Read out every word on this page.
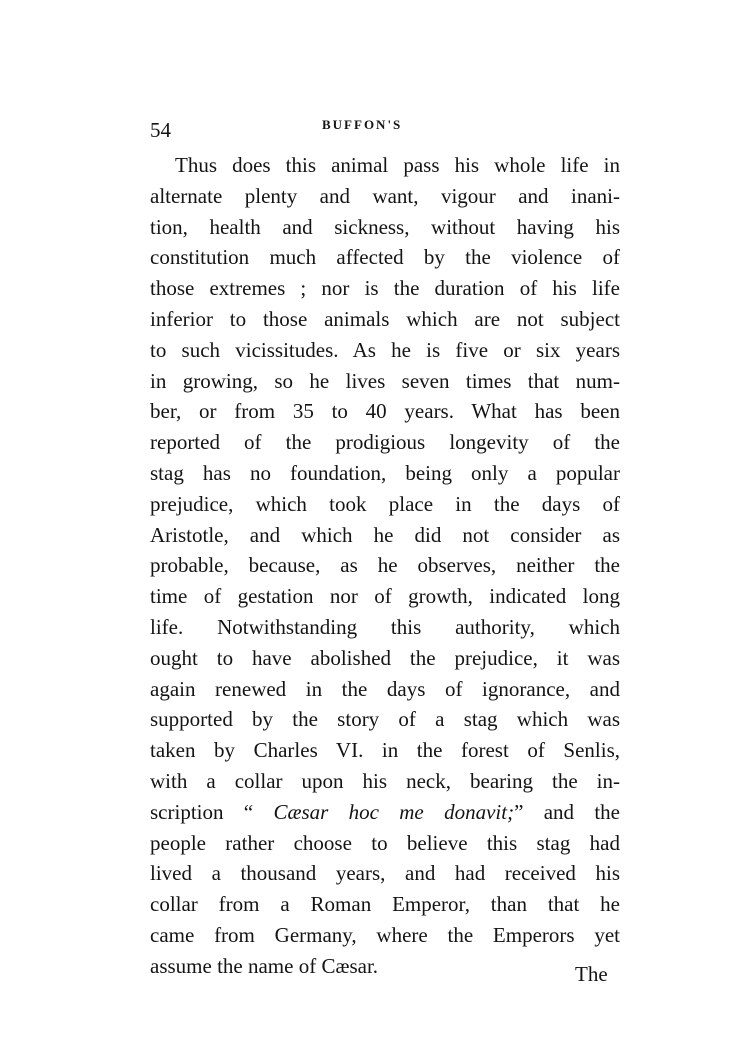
54	BUFFON'S
Thus does this animal pass his whole life in
alternate plenty and want, vigour and inani-
tion, health and sickness, without having his
constitution much affected by the violence of
those extremes ; nor is the duration of his life
inferior to those animals which are not subject
to such vicissitudes. As he is five or six years
in growing, so he lives seven times that num-
ber, or from 35 to 40 years. What has been
reported of the prodigious longevity of the
stag has no foundation, being only a popular
prejudice, which took place in the days of
Aristotle, and which he did not consider as
probable, because, as he observes, neither the
time of gestation nor of growth, indicated long
life. Notwithstanding this authority, which
ought to have abolished the prejudice, it was
again renewed in the days of ignorance, and
supported by the story of a stag which was
taken by Charles VI. in the forest of Senlis,
with a collar upon his neck, bearing the in-
scription “ Cæsar hoc me donavit;” and the
people rather choose to believe this stag had
lived a thousand years, and had received his
collar from a Roman Emperor, than that he
came from Germany, where the Emperors yet
assume the name of Cæsar.	The
